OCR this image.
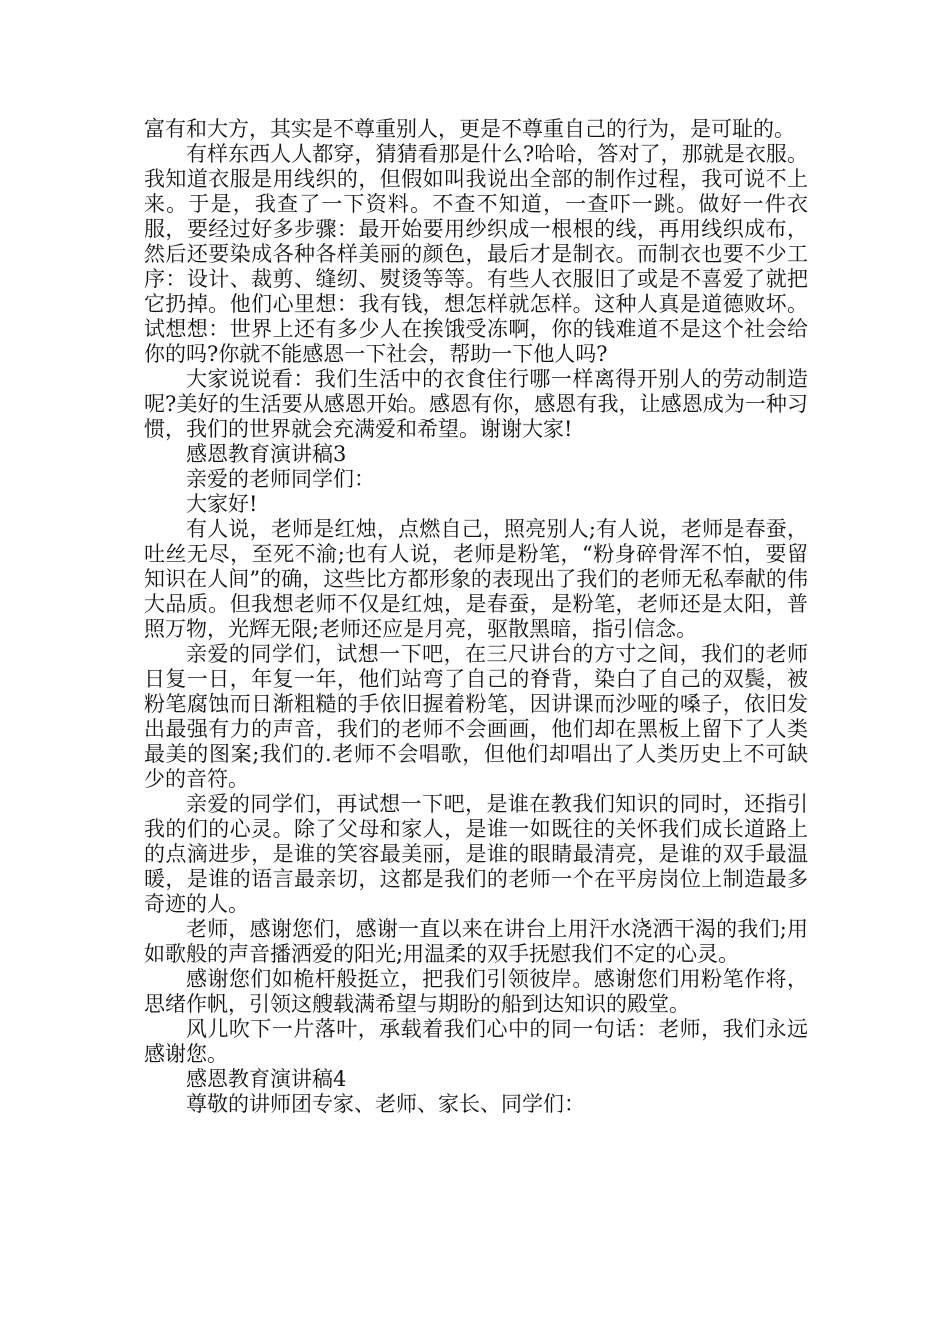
富有和大方，其实是不尊重别人，更是不尊重自己的行为，是可耻的。

有样东西人人都穿，猜猜看那是什么?哈哈，答对了，那就是衣服。我知道衣服是用线织的，但假如叫我说出全部的制作过程，我可说不上来。于是，我查了一下资料。不查不知道，一查吓一跳。做好一件衣服，要经过好多步骤：最开始要用纱织成一根根的线，再用线织成布，然后还要染成各种各样美丽的颜色，最后才是制衣。而制衣也要不少工序：设计、裁剪、缝纫、熨烫等等。有些人衣服旧了或是不喜爱了就把它扔掉。他们心里想：我有钱，想怎样就怎样。这种人真是道德败坏。试想想：世界上还有多少人在挨饿受冻啊，你的钱难道不是这个社会给你的吗?你就不能感恩一下社会，帮助一下他人吗?

大家说说看：我们生活中的衣食住行哪一样离得开别人的劳动制造呢?美好的生活要从感恩开始。感恩有你，感恩有我，让感恩成为一种习惯，我们的世界就会充满爱和希望。谢谢大家!

感恩教育演讲稿3

亲爱的老师同学们：

大家好!

有人说，老师是红烛，点燃自己，照亮别人;有人说，老师是春蚕，吐丝无尽，至死不渝;也有人说，老师是粉笔，“粉身碎骨浑不怕，要留知识在人间”的确，这些比方都形象的表现出了我们的老师无私奉献的伟大品质。但我想老师不仅是红烛，是春蚕，是粉笔，老师还是太阳，普照万物，光辉无限;老师还应是月亮，驱散黑暗，指引信念。

亲爱的同学们，试想一下吧，在三尺讲台的方寸之间，我们的老师日复一日，年复一年，他们站弯了自己的脊背，染白了自己的双鬓，被粉笔腐蚀而日渐粗糙的手依旧握着粉笔，因讲课而沙哑的嗓子，依旧发出最强有力的声音，我们的老师不会画画，他们却在黑板上留下了人类最美的图案;我们的.老师不会唱歌，但他们却唱出了人类历史上不可缺少的音符。

亲爱的同学们，再试想一下吧，是谁在教我们知识的同时，还指引我的们的心灵。除了父母和家人，是谁一如既往的关怀我们成长道路上的点滴进步，是谁的笑容最美丽，是谁的眼睛最清亮，是谁的双手最温暖，是谁的语言最亲切，这都是我们的老师一个在平房岗位上制造最多奇迹的人。

老师，感谢您们，感谢一直以来在讲台上用汗水浇洒干渴的我们;用如歌般的声音播洒爱的阳光;用温柔的双手抚慰我们不定的心灵。

感谢您们如桅杆般挺立，把我们引领彼岸。感谢您们用粉笔作将，思绪作帆，引领这艘载满希望与期盼的船到达知识的殿堂。

风儿吹下一片落叶，承载着我们心中的同一句话：老师，我们永远感谢您。

感恩教育演讲稿4

尊敬的讲师团专家、老师、家长、同学们：
